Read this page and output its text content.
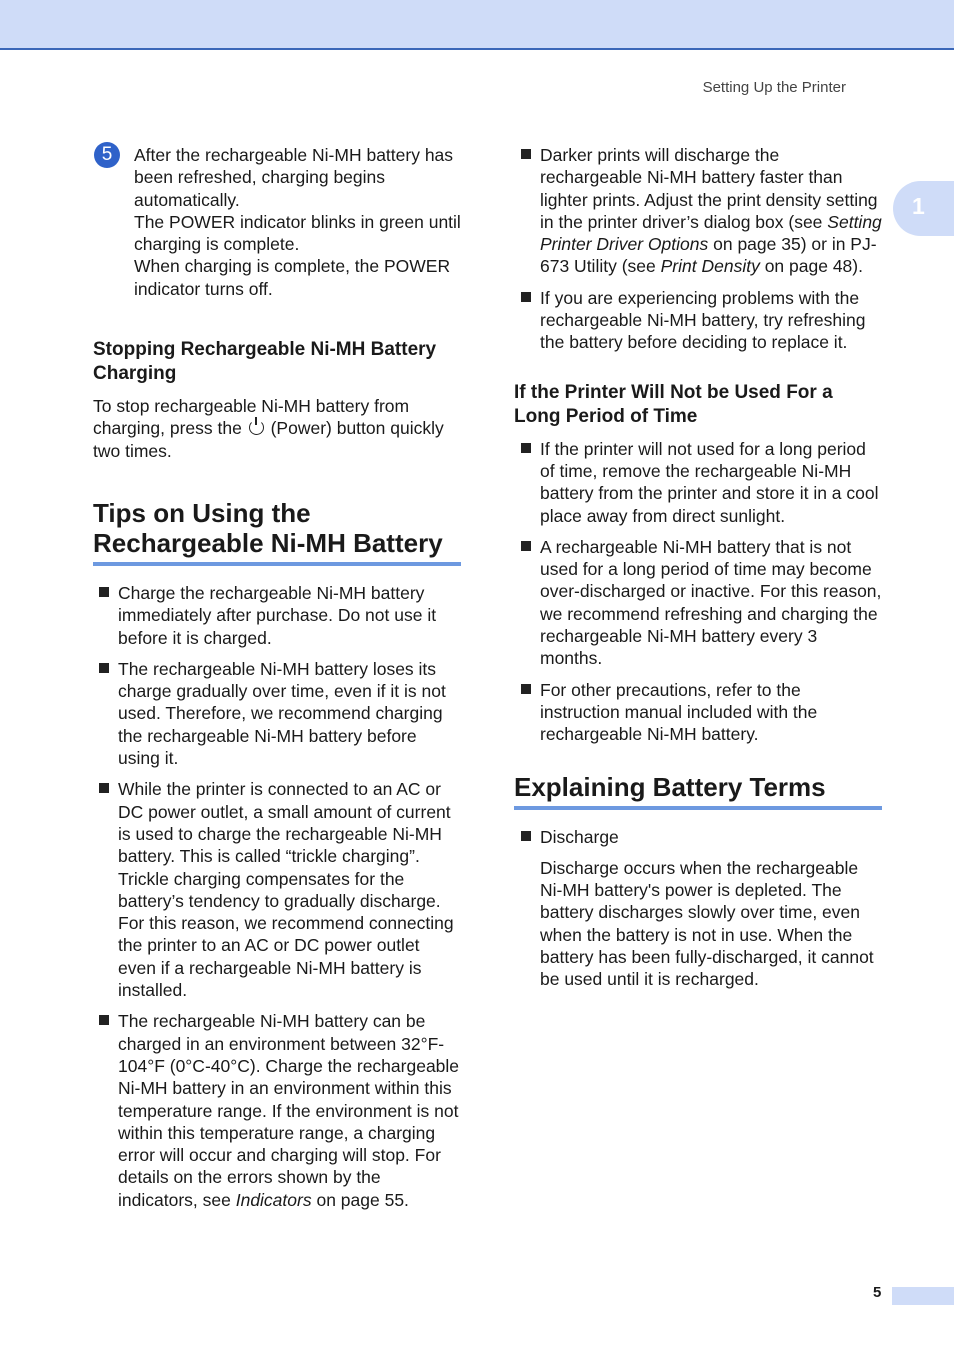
Setting Up the Printer
1
5	After the rechargeable Ni-MH battery has been refreshed, charging begins automatically.

The POWER indicator blinks in green until charging is complete.

When charging is complete, the POWER indicator turns off.

Stopping Rechargeable Ni-MH Battery Charging

To stop rechargeable Ni-MH battery from charging, press the (Power) button quickly two times.

Tips on Using the Rechargeable Ni-MH Battery
Charge the rechargeable Ni-MH battery immediately after purchase. Do not use it before it is charged.
The rechargeable Ni-MH battery loses its charge gradually over time, even if it is not used. Therefore, we recommend charging the rechargeable Ni-MH battery before using it.
While the printer is connected to an AC or DC power outlet, a small amount of current is used to charge the rechargeable Ni-MH battery. This is called “trickle charging”. Trickle charging compensates for the battery’s tendency to gradually discharge. For this reason, we recommend connecting the printer to an AC or DC power outlet even if a rechargeable Ni-MH battery is installed.
The rechargeable Ni-MH battery can be charged in an environment between 32°F-104°F (0°C-40°C). Charge the rechargeable Ni-MH battery in an environment within this temperature range. If the environment is not within this temperature range, a charging error will occur and charging will stop. For details on the errors shown by the indicators, see Indicators on page 55.
Darker prints will discharge the rechargeable Ni-MH battery faster than lighter prints. Adjust the print density setting in the printer driver’s dialog box (see Setting Printer Driver Options on page 35) or in PJ-673 Utility (see Print Density on page 48).
If you are experiencing problems with the rechargeable Ni-MH battery, try refreshing the battery before deciding to replace it.
If the Printer Will Not be Used For a Long Period of Time
If the printer will not used for a long period of time, remove the rechargeable Ni-MH battery from the printer and store it in a cool place away from direct sunlight.
A rechargeable Ni-MH battery that is not used for a long period of time may become over-discharged or inactive. For this reason, we recommend refreshing and charging the rechargeable Ni-MH battery every 3 months.
For other precautions, refer to the instruction manual included with the rechargeable Ni-MH battery.
Explaining Battery Terms
Discharge

Discharge occurs when the rechargeable Ni-MH battery's power is depleted. The battery discharges slowly over time, even when the battery is not in use. When the battery has been fully-discharged, it cannot be used until it is recharged.

5
